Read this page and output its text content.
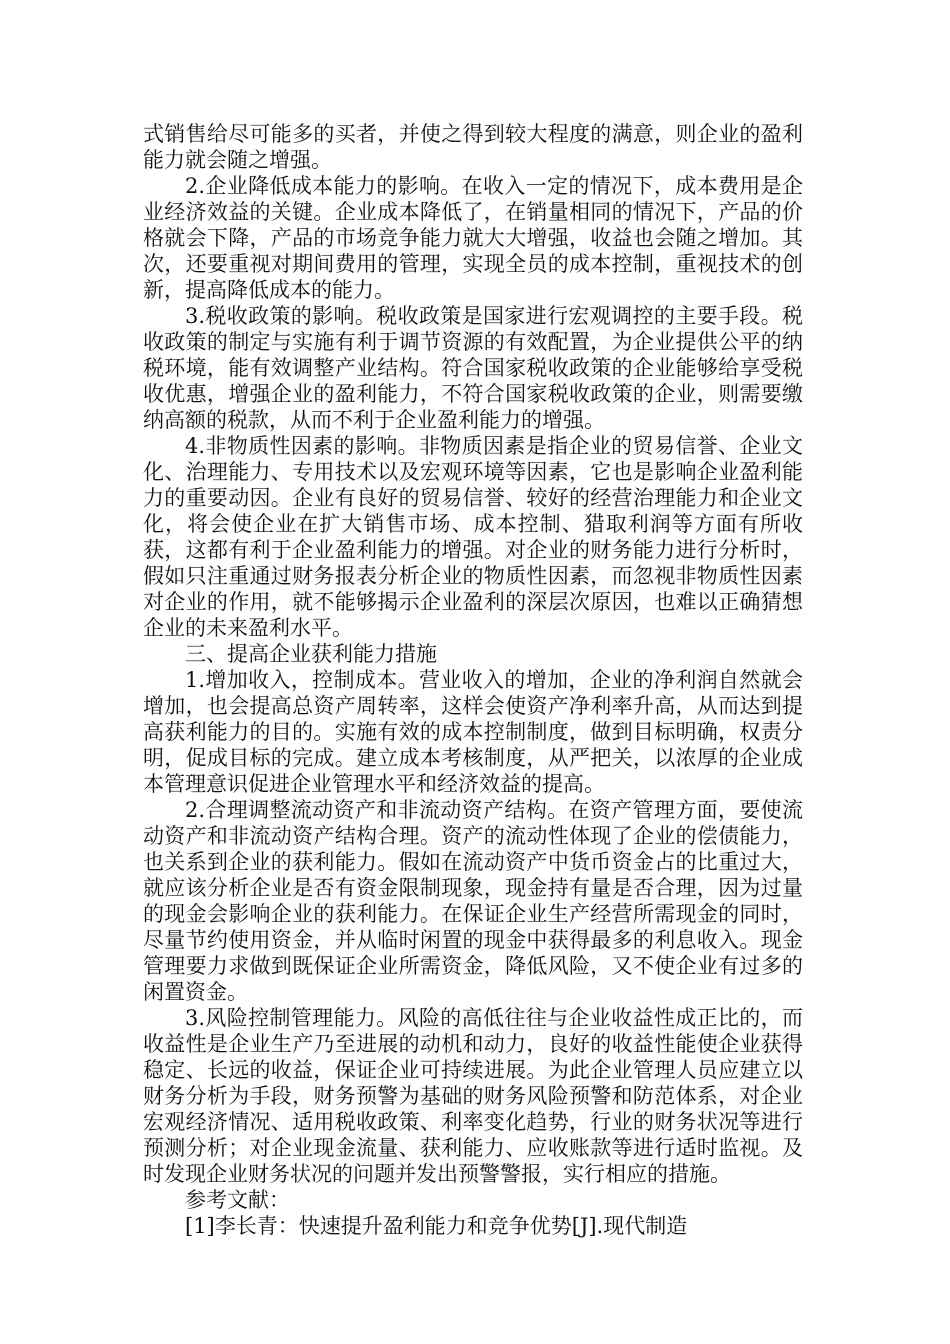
式销售给尽可能多的买者，并使之得到较大程度的满意，则企业的盈利能力就会随之增强。

2.企业降低成本能力的影响。在收入一定的情况下，成本费用是企业经济效益的关键。企业成本降低了，在销量相同的情况下，产品的价格就会下降，产品的市场竞争能力就大大增强，收益也会随之增加。其次，还要重视对期间费用的管理，实现全员的成本控制，重视技术的创新，提高降低成本的能力。

3.税收政策的影响。税收政策是国家进行宏观调控的主要手段。税收政策的制定与实施有利于调节资源的有效配置，为企业提供公平的纳税环境，能有效调整产业结构。符合国家税收政策的企业能够给享受税收优惠，增强企业的盈利能力，不符合国家税收政策的企业，则需要缴纳高额的税款，从而不利于企业盈利能力的增强。

4.非物质性因素的影响。非物质因素是指企业的贸易信誉、企业文化、治理能力、专用技术以及宏观环境等因素，它也是影响企业盈利能力的重要动因。企业有良好的贸易信誉、较好的经营治理能力和企业文化，将会使企业在扩大销售市场、成本控制、猎取利润等方面有所收获，这都有利于企业盈利能力的增强。对企业的财务能力进行分析时，假如只注重通过财务报表分析企业的物质性因素，而忽视非物质性因素对企业的作用，就不能够揭示企业盈利的深层次原因，也难以正确猜想企业的未来盈利水平。

三、提高企业获利能力措施

1.增加收入，控制成本。营业收入的增加，企业的净利润自然就会增加，也会提高总资产周转率，这样会使资产净利率升高，从而达到提高获利能力的目的。实施有效的成本控制制度，做到目标明确，权责分明，促成目标的完成。建立成本考核制度，从严把关，以浓厚的企业成本管理意识促进企业管理水平和经济效益的提高。

2.合理调整流动资产和非流动资产结构。在资产管理方面，要使流动资产和非流动资产结构合理。资产的流动性体现了企业的偿债能力，也关系到企业的获利能力。假如在流动资产中货币资金占的比重过大，就应该分析企业是否有资金限制现象，现金持有量是否合理，因为过量的现金会影响企业的获利能力。在保证企业生产经营所需现金的同时，尽量节约使用资金，并从临时闲置的现金中获得最多的利息收入。现金管理要力求做到既保证企业所需资金，降低风险，又不使企业有过多的闲置资金。

3.风险控制管理能力。风险的高低往往与企业收益性成正比的，而收益性是企业生产乃至进展的动机和动力，良好的收益性能使企业获得稳定、长远的收益，保证企业可持续进展。为此企业管理人员应建立以财务分析为手段，财务预警为基础的财务风险预警和防范体系，对企业宏观经济情况、适用税收政策、利率变化趋势，行业的财务状况等进行预测分析；对企业现金流量、获利能力、应收账款等进行适时监视。及时发现企业财务状况的问题并发出预警警报，实行相应的措施。

参考文献：

[1]李长青：快速提升盈利能力和竞争优势[J].现代制造
